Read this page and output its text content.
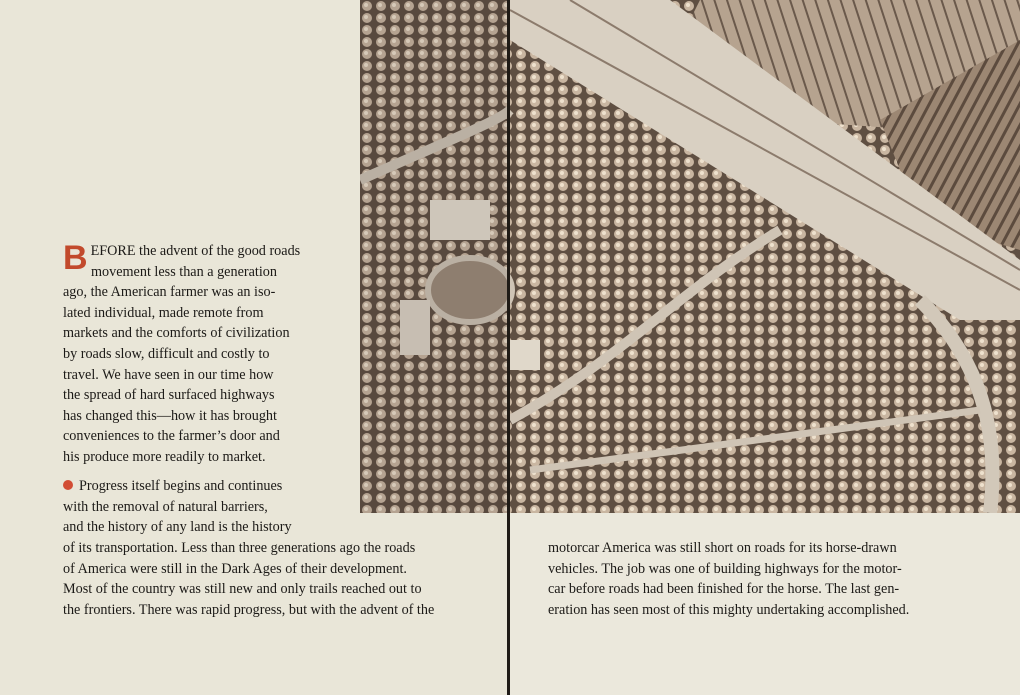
B EFORE the advent of the good roads
movement less than a generation
ago, the American farmer was an iso-
lated individual, made remote from
markets and the comforts of civilization
by roads slow, difficult and costly to
travel. We have seen in our time how
the spread of hard surfaced highways
has changed this—how it has brought
conveniences to the farmer’s door and
his produce more readily to market.
Progress itself begins and continues
with the removal of natural barriers,
and the history of any land is the history
of its transportation. Less than three generations ago the roads
of America were still in the Dark Ages of their development.
Most of the country was still new and only trails reached out to
the frontiers. There was rapid progress, but with the advent of the
motorcar America was still short on roads for its horse-drawn
vehicles. The job was one of building highways for the motor-
car before roads had been finished for the horse. The last gen-
eration has seen most of this mighty undertaking accomplished.
